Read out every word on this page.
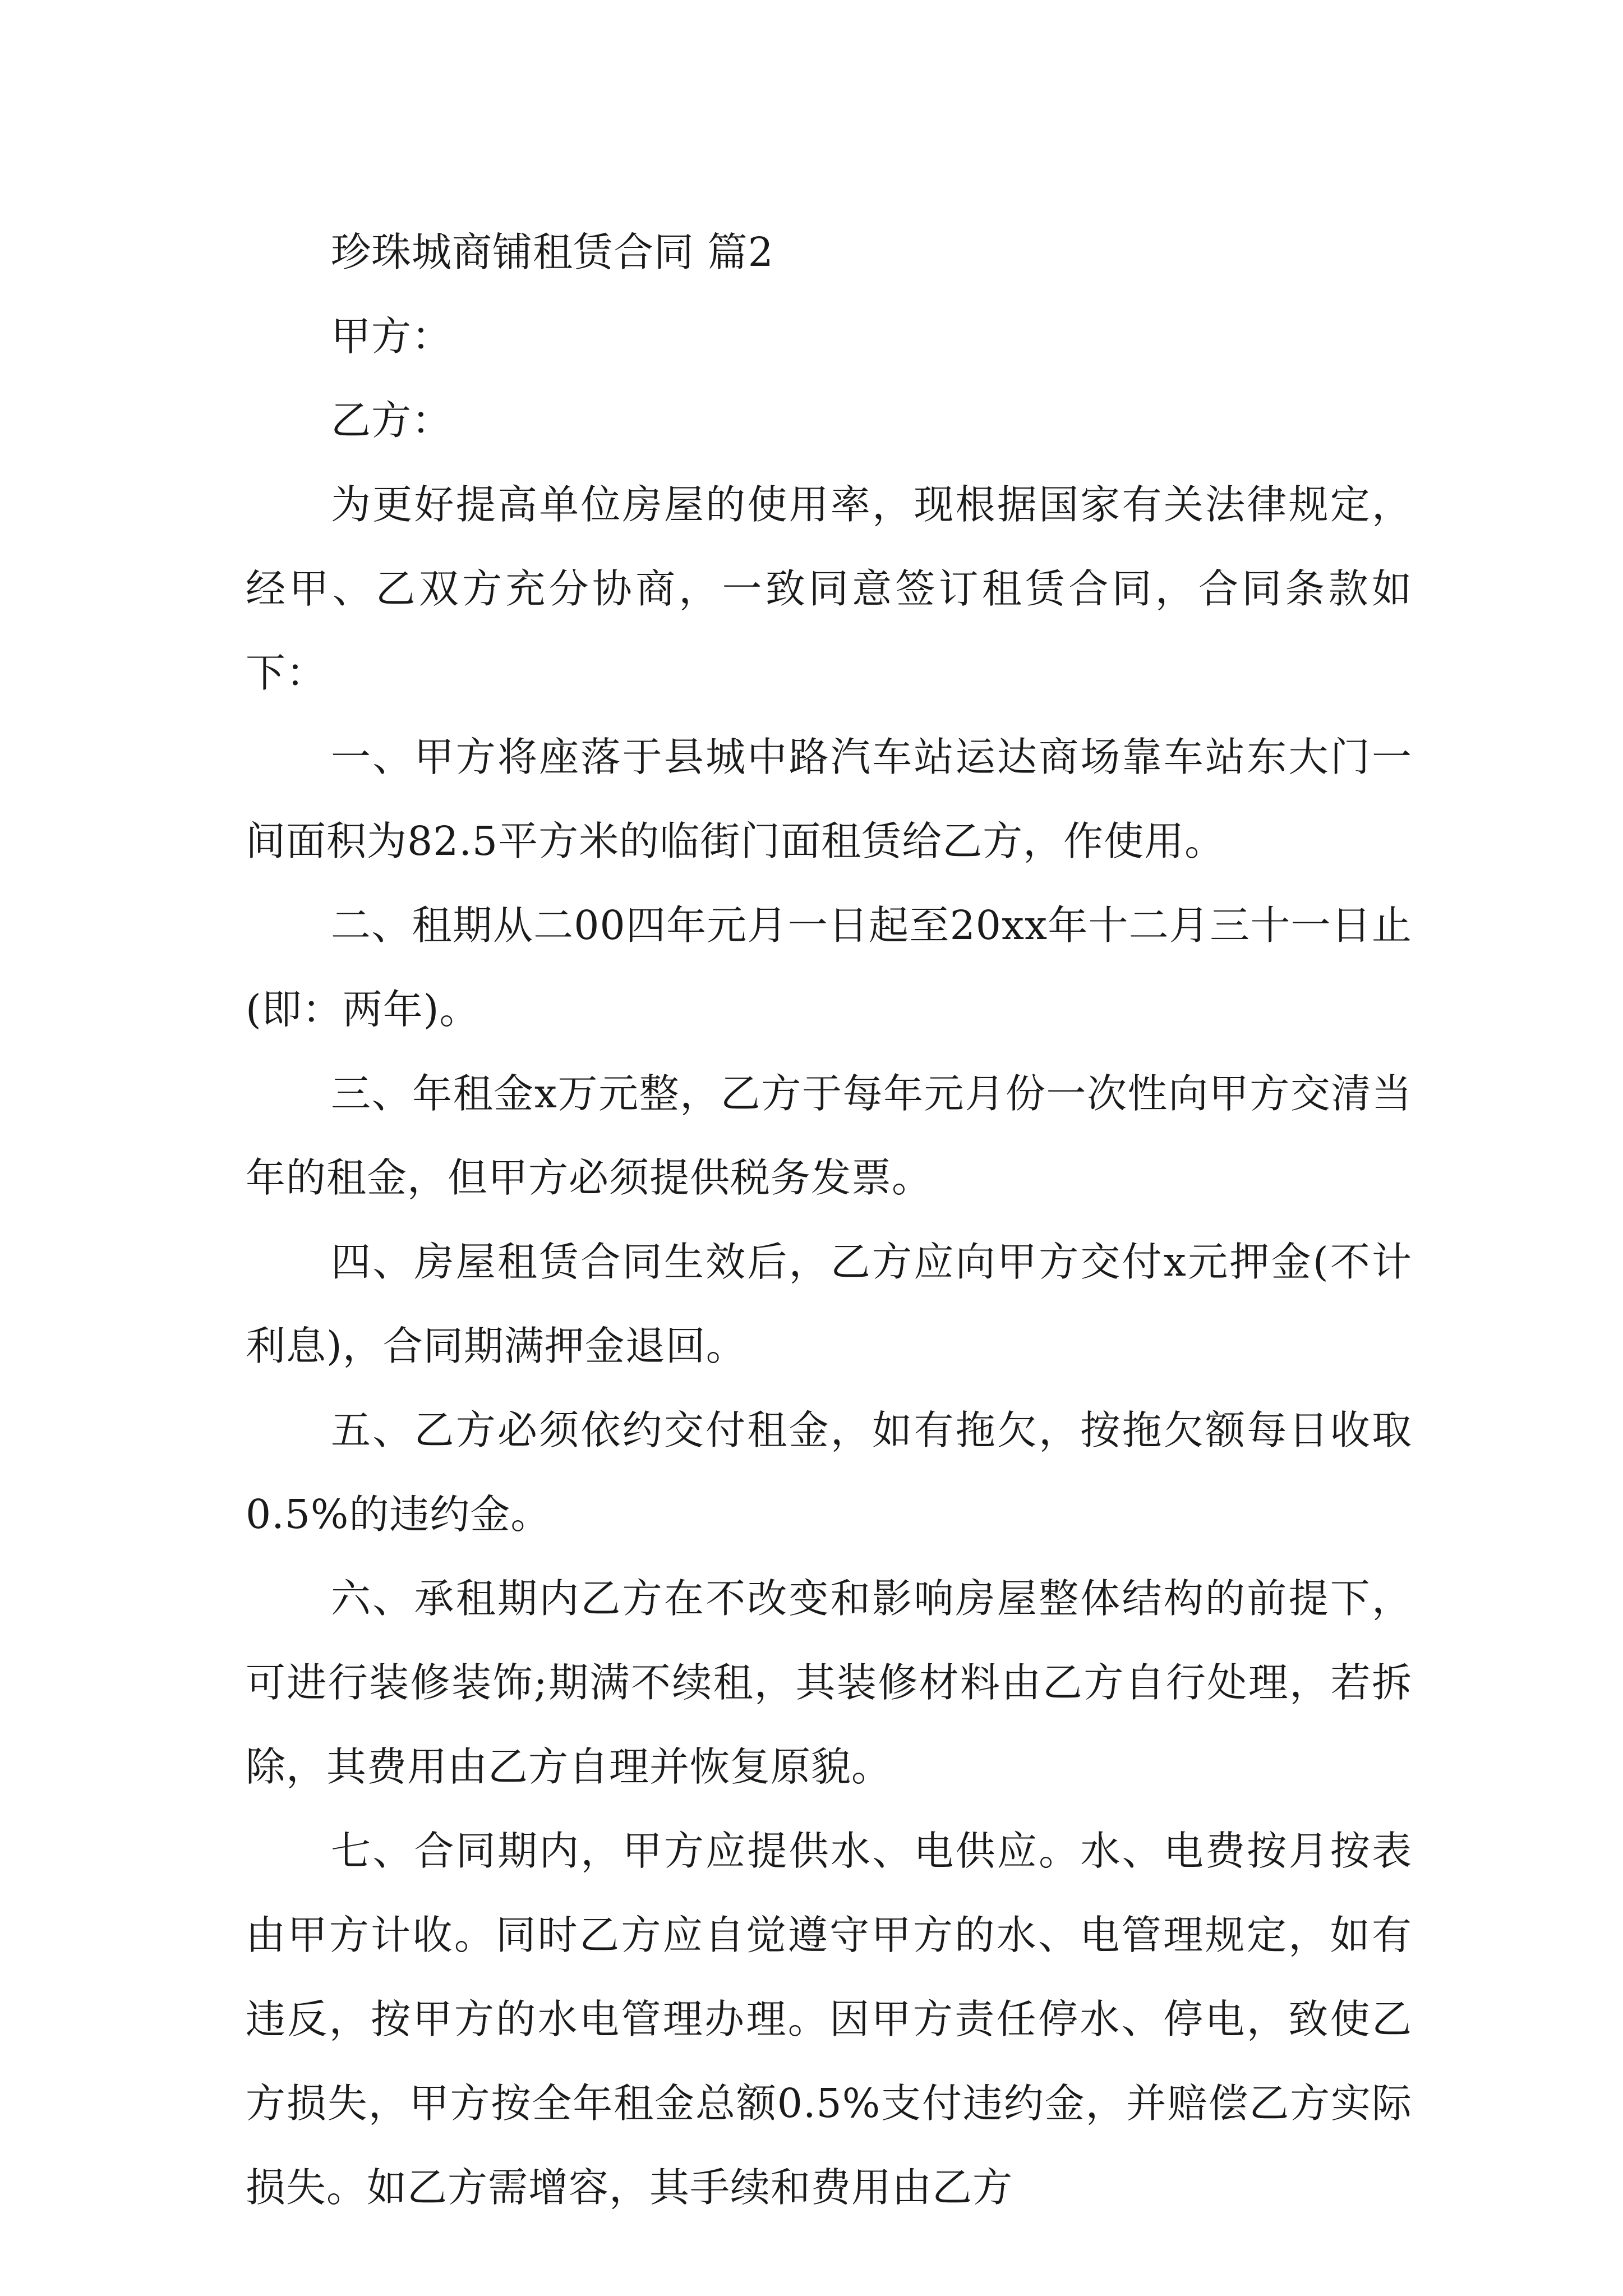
珍珠城商铺租赁合同 篇2

甲方：

乙方：

为更好提高单位房屋的使用率，现根据国家有关法律规定，经甲、乙双方充分协商，一致同意签订租赁合同，合同条款如下：

一、甲方将座落于县城中路汽车站运达商场靠车站东大门一间面积为82.5平方米的临街门面租赁给乙方，作使用。

二、租期从二00四年元月一日起至20xx年十二月三十一日止(即：两年)。

三、年租金x万元整，乙方于每年元月份一次性向甲方交清当年的租金，但甲方必须提供税务发票。

四、房屋租赁合同生效后，乙方应向甲方交付x元押金(不计利息)，合同期满押金退回。

五、乙方必须依约交付租金，如有拖欠，按拖欠额每日收取0.5%的违约金。

六、承租期内乙方在不改变和影响房屋整体结构的前提下，可进行装修装饰;期满不续租，其装修材料由乙方自行处理，若拆除，其费用由乙方自理并恢复原貌。

七、合同期内，甲方应提供水、电供应。水、电费按月按表由甲方计收。同时乙方应自觉遵守甲方的水、电管理规定，如有违反，按甲方的水电管理办理。因甲方责任停水、停电，致使乙方损失，甲方按全年租金总额0.5%支付违约金，并赔偿乙方实际损失。如乙方需增容，其手续和费用由乙方
